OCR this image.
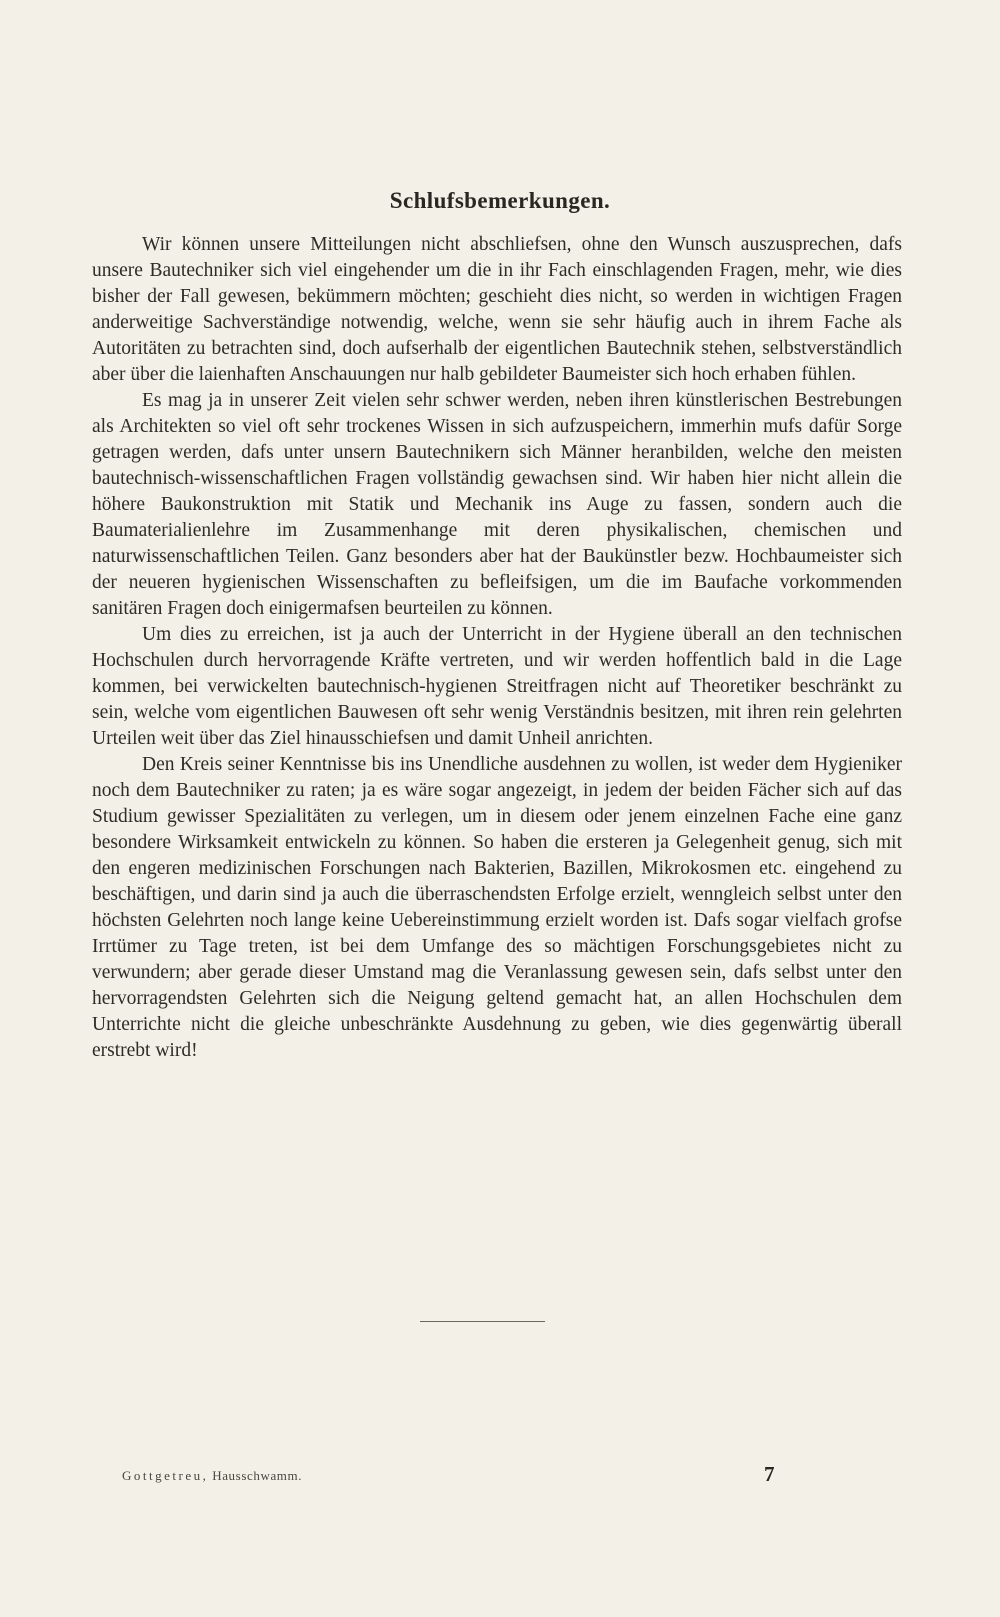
Schlufsbemerkungen.

Wir können unsere Mitteilungen nicht abschliefsen, ohne den Wunsch auszusprechen, dafs unsere Bautechniker sich viel eingehender um die in ihr Fach einschlagenden Fragen, mehr, wie dies bisher der Fall gewesen, bekümmern möchten; geschieht dies nicht, so werden in wichtigen Fragen anderweitige Sachverständige notwendig, welche, wenn sie sehr häufig auch in ihrem Fache als Autoritäten zu betrachten sind, doch aufserhalb der eigentlichen Bautechnik stehen, selbstverständlich aber über die laienhaften Anschauungen nur halb gebildeter Baumeister sich hoch erhaben fühlen.

Es mag ja in unserer Zeit vielen sehr schwer werden, neben ihren künstlerischen Bestrebungen als Architekten so viel oft sehr trockenes Wissen in sich aufzuspeichern, immerhin mufs dafür Sorge getragen werden, dafs unter unsern Bautechnikern sich Männer heranbilden, welche den meisten bautechnisch-wissenschaftlichen Fragen vollständig gewachsen sind. Wir haben hier nicht allein die höhere Baukonstruktion mit Statik und Mechanik ins Auge zu fassen, sondern auch die Baumaterialienlehre im Zusammenhange mit deren physikalischen, chemischen und naturwissenschaftlichen Teilen. Ganz besonders aber hat der Baukünstler bezw. Hochbaumeister sich der neueren hygienischen Wissenschaften zu befleifsigen, um die im Baufache vorkommenden sanitären Fragen doch einigermafsen beurteilen zu können.

Um dies zu erreichen, ist ja auch der Unterricht in der Hygiene überall an den technischen Hochschulen durch hervorragende Kräfte vertreten, und wir werden hoffentlich bald in die Lage kommen, bei verwickelten bautechnisch-hygienen Streitfragen nicht auf Theoretiker beschränkt zu sein, welche vom eigentlichen Bauwesen oft sehr wenig Verständnis besitzen, mit ihren rein gelehrten Urteilen weit über das Ziel hinausschiefsen und damit Unheil anrichten.

Den Kreis seiner Kenntnisse bis ins Unendliche ausdehnen zu wollen, ist weder dem Hygieniker noch dem Bautechniker zu raten; ja es wäre sogar angezeigt, in jedem der beiden Fächer sich auf das Studium gewisser Spezialitäten zu verlegen, um in diesem oder jenem einzelnen Fache eine ganz besondere Wirksamkeit entwickeln zu können. So haben die ersteren ja Gelegenheit genug, sich mit den engeren medizinischen Forschungen nach Bakterien, Bazillen, Mikrokosmen etc. eingehend zu beschäftigen, und darin sind ja auch die überraschendsten Erfolge erzielt, wenngleich selbst unter den höchsten Gelehrten noch lange keine Uebereinstimmung erzielt worden ist. Dafs sogar vielfach grofse Irrtümer zu Tage treten, ist bei dem Umfange des so mächtigen Forschungsgebietes nicht zu verwundern; aber gerade dieser Umstand mag die Veranlassung gewesen sein, dafs selbst unter den hervorragendsten Gelehrten sich die Neigung geltend gemacht hat, an allen Hochschulen dem Unterrichte nicht die gleiche unbeschränkte Ausdehnung zu geben, wie dies gegenwärtig überall erstrebt wird!

Gottgetreu, Hausschwamm.	7
